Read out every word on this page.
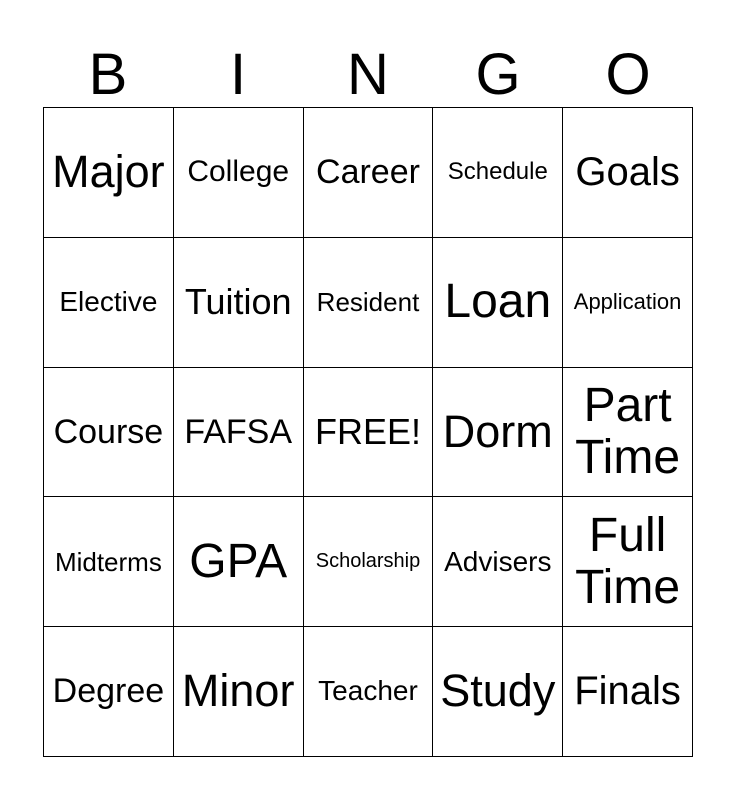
B	I	N	G	O
Major	College	Career	Schedule	Goals
Elective	Tuition	Resident	Loan	Application
Course	FAFSA	FREE!	Dorm	Part Time
Midterms	GPA	Scholarship	Advisers	Full Time
Degree	Minor	Teacher	Study	Finals
